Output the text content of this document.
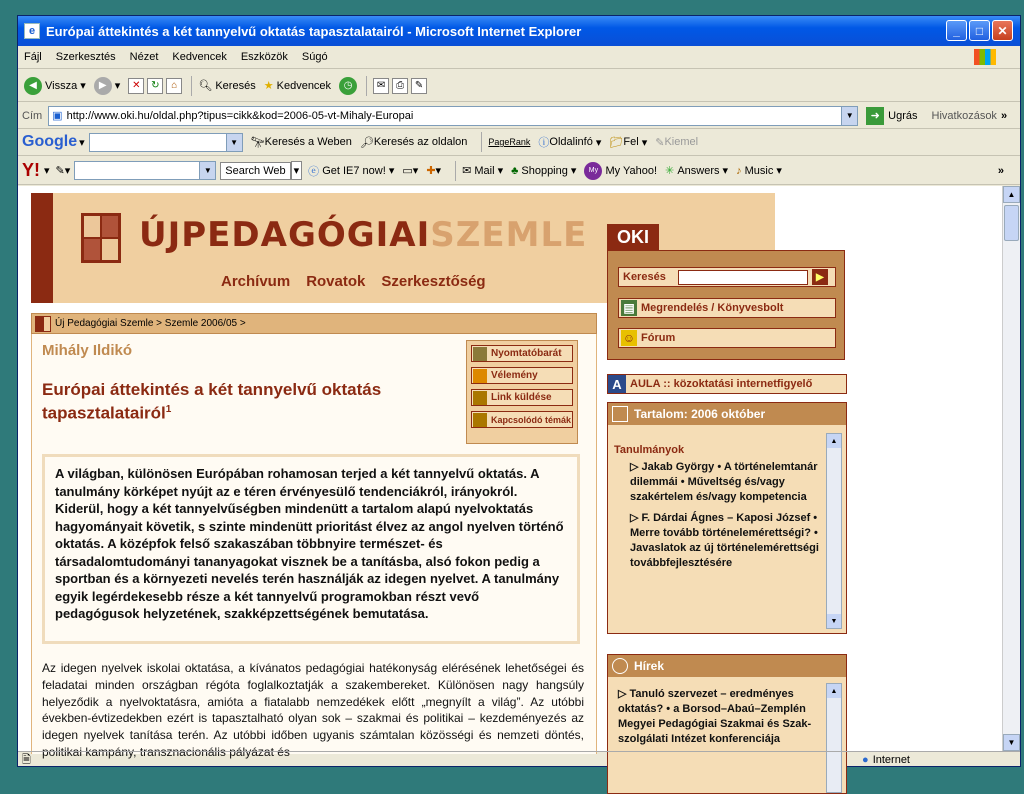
e Európai áttekintés a két tannyelvű oktatás tapasztalatairól - Microsoft Internet Explorer	_	□	✕
Fájl Szerkesztés Nézet Kedvencek Eszközök Súgó
◀ Vissza ▾	▶ ▾	✕	↻	⌂	🔍︎ Keresés ★ Kedvencek	◷	✉	⎙	✎
Cím ▣ http://www.oki.hu/oldal.php?tipus=cikk&kod=2006-05-vt-Mihaly-Europai	▼	➜ Ugrás Hivatkozások »
Google ▾	▼	🔭︎ Keresés a Weben 🔎︎ Keresés az oldalon PageRank ⓘ Oldalinfó ▾ 📁︎ Fel ▾ ✎ Kiemel
Y! ▾ ✎▾	▼	Search Web ▾ ⓔ Get IE7 now! ▾ ▭ ▾ ✚ ▾ ✉ Mail ▾ ♣ Shopping ▾	My My Yahoo! ✳ Answers ▾ ♪ Music ▾	»
ÚJPEDAGÓGIAISZEMLE
Archívum Rovatok Szerkesztőség
Új Pedagógiai Szemle > Szemle 2006/05 >
Mihály Ildikó
Európai áttekintés a két tannyelvű oktatás tapasztalatairól$^1$
Nyomtatóbarát
Vélemény
Link küldése
Kapcsolódó témák
A világban, különösen Európában rohamosan terjed a két tannyelvű oktatás. A tanulmány körképet nyújt az e téren érvényesülő tendenciákról, irányokról. Kiderül, hogy a két tannyelvűségben mindenütt a tartalom alapú nyelvoktatás hagyományait követik, s szinte mindenütt prioritást élvez az angol nyelven történő oktatás. A középfok felső szakaszában többnyire természet- és társadalomtudományi tananyagokat visznek be a tanításba, alsó fokon pedig a sportban és a környezeti nevelés terén használják az idegen nyelvet. A tanulmány egyik legérdekesebb része a két tannyelvű programokban részt vevő pedagógusok helyzetének, szakképzettségének bemutatása.
Az idegen nyelvek iskolai oktatása, a kívánatos pedagógiai hatékonyság elérésének lehetőségei és feladatai minden országban régóta foglalkoztatják a szakembereket. Különösen nagy hangsúly helyeződik a nyelvoktatásra, amióta a fiatalabb nemzedékek előtt „megnyílt a világ”. Az utóbbi években-évtizedekben ezért is tapasztalható olyan sok – szakmai és politikai – kezdeményezés az idegen nyelvek tanítása terén. Az utóbbi időben ugyanis számtalan közösségi és nemzeti döntés, politikai kampány, transznacionális pályázat és
OKI
Keresés	▶
▤ Megrendelés / Könyvesbolt
☺ Fórum
A AULA :: közoktatási internetfigyelő
Tartalom: 2006 október
Tanulmányok
▷ Jakab György • A történelemtanár dilemmái • Műveltség és/vagy szakértelem és/vagy kompetencia
▷ F. Dárdai Ágnes – Kaposi József • Merre tovább történelemérettségi? • Javaslatok az új történelemérettségi továbbfejlesztésére
▲
▼
Hírek
▷ Tanuló szervezet – eredményes oktatás? • a Borsod–Abaú–Zemplén Megyei Pedagógiai Szakmai és Szak-szolgálati Intézet konferenciája
▲
▲
▼
🗎	● Internet
